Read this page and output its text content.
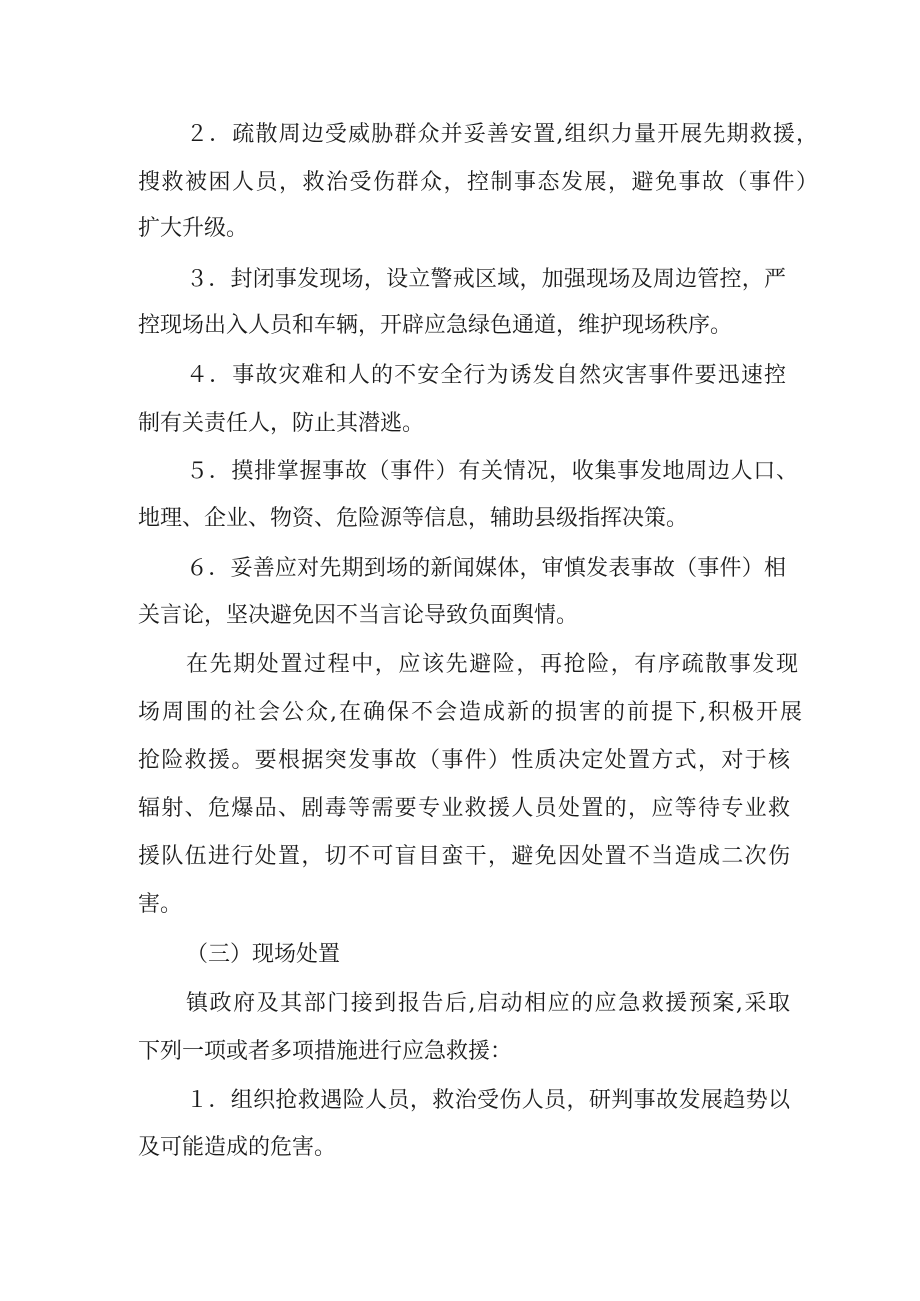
２．疏散周边受威胁群众并妥善安置,组织力量开展先期救援，
搜救被困人员，救治受伤群众，控制事态发展，避免事故（事件）
扩大升级。
３．封闭事发现场，设立警戒区域，加强现场及周边管控，严
控现场出入人员和车辆，开辟应急绿色通道，维护现场秩序。
４．事故灾难和人的不安全行为诱发自然灾害事件要迅速控
制有关责任人，防止其潜逃。
５．摸排掌握事故（事件）有关情况，收集事发地周边人口、
地理、企业、物资、危险源等信息，辅助县级指挥决策。
６．妥善应对先期到场的新闻媒体，审慎发表事故（事件）相
关言论，坚决避免因不当言论导致负面舆情。
在先期处置过程中，应该先避险，再抢险，有序疏散事发现
场周围的社会公众,在确保不会造成新的损害的前提下,积极开展
抢险救援。要根据突发事故（事件）性质决定处置方式，对于核
辐射、危爆品、剧毒等需要专业救援人员处置的，应等待专业救
援队伍进行处置，切不可盲目蛮干，避免因处置不当造成二次伤
害。
（三）现场处置
镇政府及其部门接到报告后,启动相应的应急救援预案,采取
下列一项或者多项措施进行应急救援：
１．组织抢救遇险人员，救治受伤人员，研判事故发展趋势以
及可能造成的危害。
